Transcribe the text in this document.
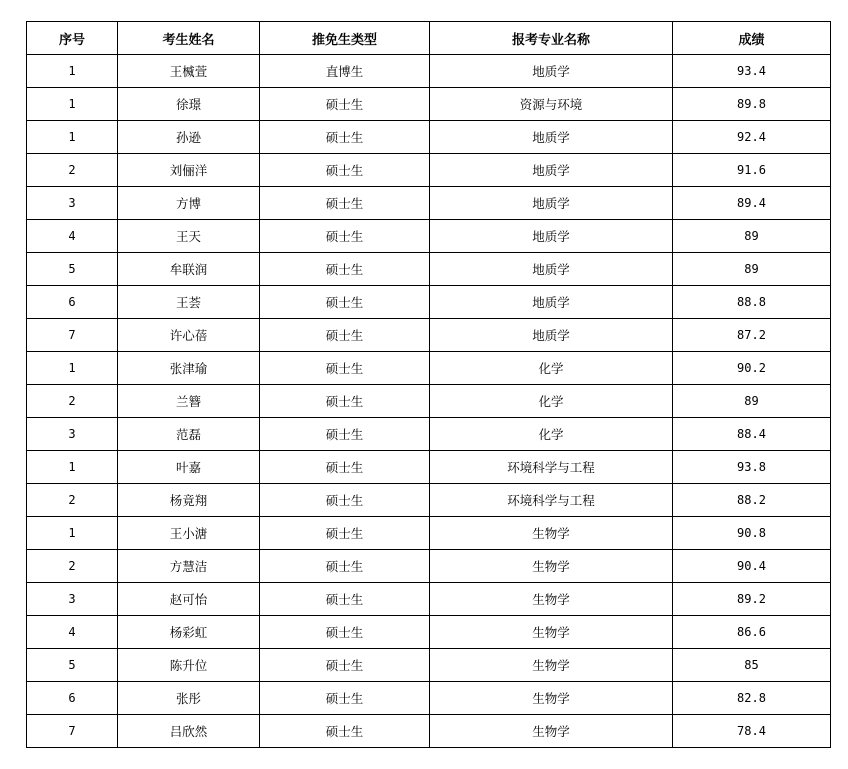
序号	考生姓名	推免生类型	报考专业名称	成绩
1	王楲萱	直博生	地质学	93.4
1	徐璟	硕士生	资源与环境	89.8
1	孙逊	硕士生	地质学	92.4
2	刘俪洋	硕士生	地质学	91.6
3	方博	硕士生	地质学	89.4
4	王天	硕士生	地质学	89
5	牟联润	硕士生	地质学	89
6	王荟	硕士生	地质学	88.8
7	许心蓓	硕士生	地质学	87.2
1	张津瑜	硕士生	化学	90.2
2	兰簪	硕士生	化学	89
3	范磊	硕士生	化学	88.4
1	叶嘉	硕士生	环境科学与工程	93.8
2	杨竟翔	硕士生	环境科学与工程	88.2
1	王小溏	硕士生	生物学	90.8
2	方慧洁	硕士生	生物学	90.4
3	赵可怡	硕士生	生物学	89.2
4	杨彩虹	硕士生	生物学	86.6
5	陈升位	硕士生	生物学	85
6	张彤	硕士生	生物学	82.8
7	吕欣然	硕士生	生物学	78.4
